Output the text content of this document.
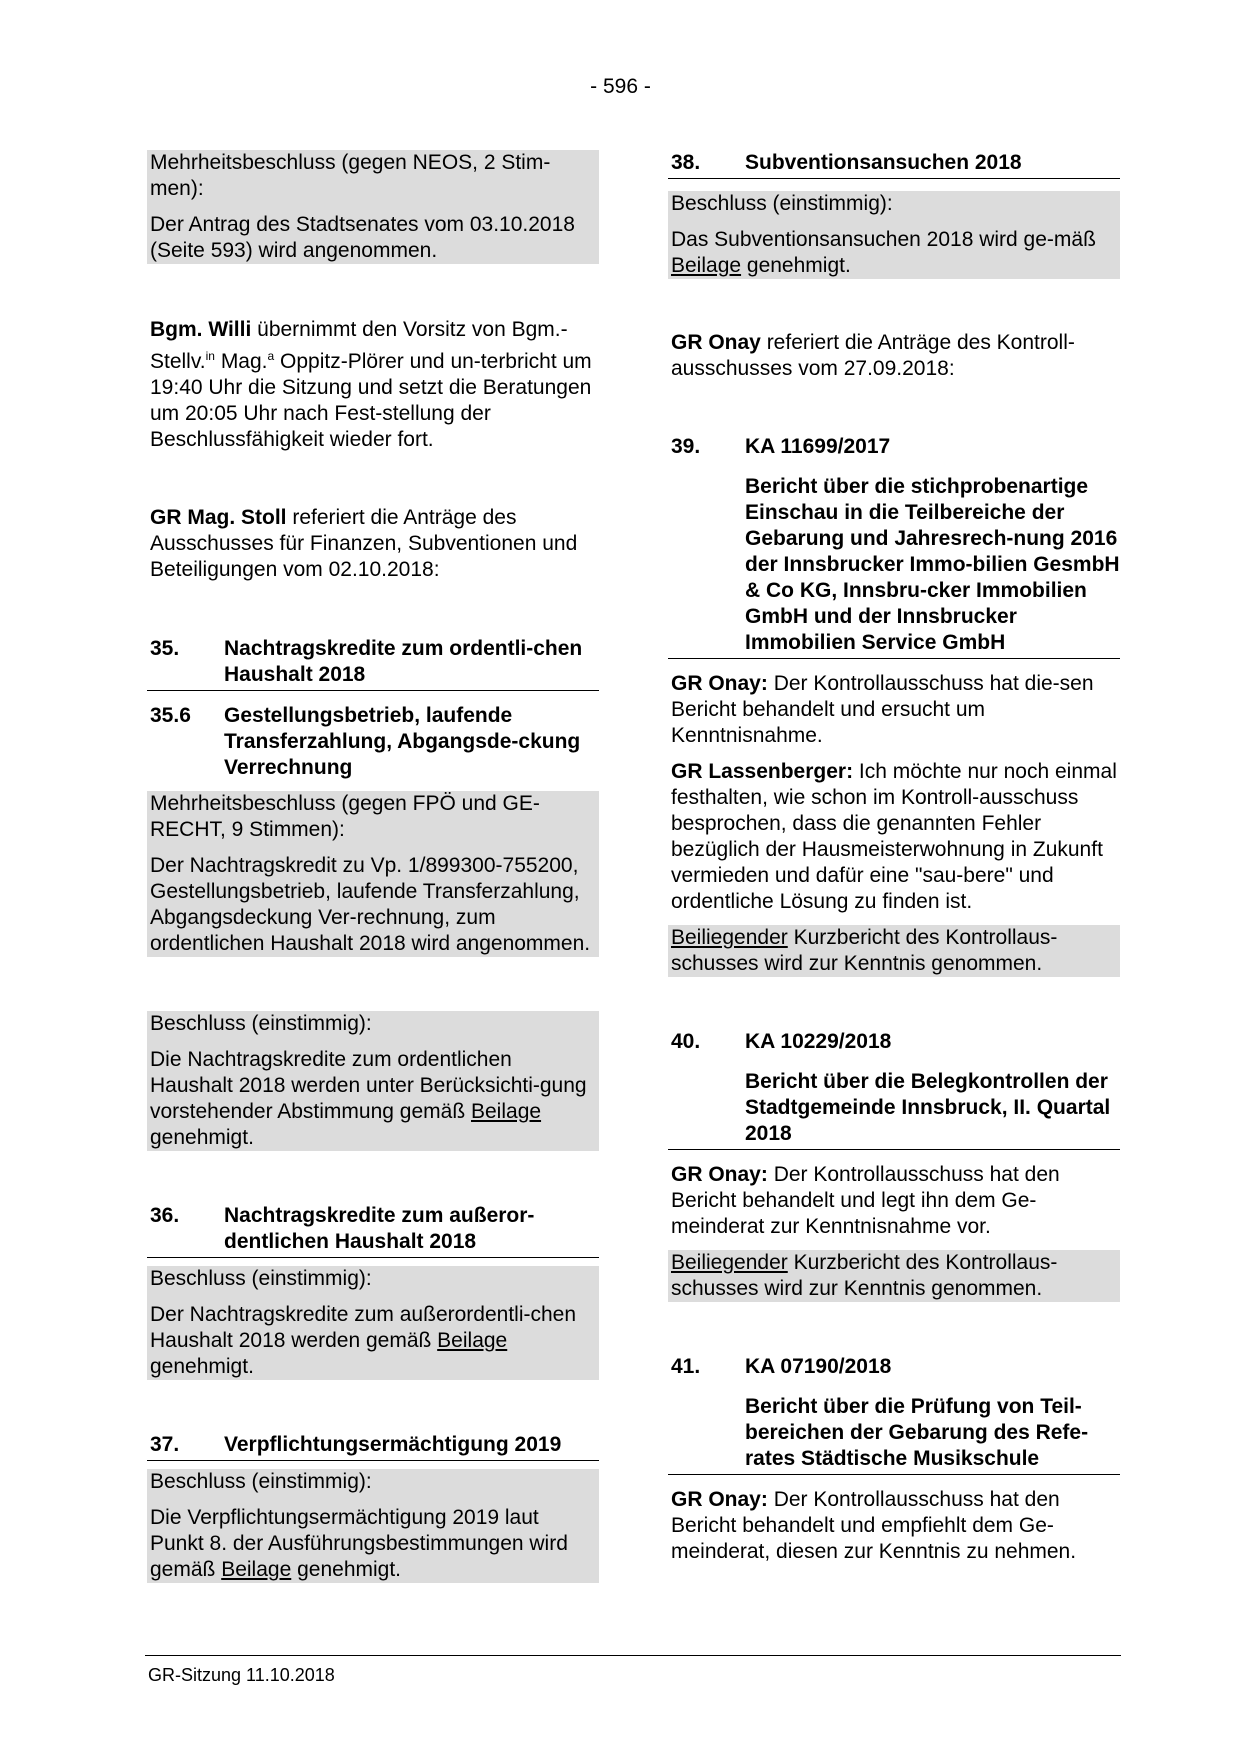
- 596 -

Mehrheitsbeschluss (gegen NEOS, 2 Stim-men):

Der Antrag des Stadtsenates vom 03.10.2018 (Seite 593) wird angenommen.

Bgm. Willi übernimmt den Vorsitz von Bgm.-Stellv.$^{in}$ Mag.$^a$ Oppitz-Plörer und un-terbricht um 19:40 Uhr die Sitzung und setzt die Beratungen um 20:05 Uhr nach Fest-stellung der Beschlussfähigkeit wieder fort.

GR Mag. Stoll referiert die Anträge des Ausschusses für Finanzen, Subventionen und Beteiligungen vom 02.10.2018:

35.	Nachtragskredite zum ordentli-chen Haushalt 2018
35.6	Gestellungsbetrieb, laufende Transferzahlung, Abgangsde-ckung Verrechnung

Mehrheitsbeschluss (gegen FPÖ und GE-RECHT, 9 Stimmen):

Der Nachtragskredit zu Vp. 1/899300-755200, Gestellungsbetrieb, laufende Transferzahlung, Abgangsdeckung Ver-rechnung, zum ordentlichen Haushalt 2018 wird angenommen.

Beschluss (einstimmig):

Die Nachtragskredite zum ordentlichen Haushalt 2018 werden unter Berücksichti-gung vorstehender Abstimmung gemäß Beilage genehmigt.

36.	Nachtragskredite zum außeror-dentlichen Haushalt 2018

Beschluss (einstimmig):

Der Nachtragskredite zum außerordentli-chen Haushalt 2018 werden gemäß Beilage genehmigt.

37.	Verpflichtungsermächtigung 2019

Beschluss (einstimmig):

Die Verpflichtungsermächtigung 2019 laut Punkt 8. der Ausführungsbestimmungen wird gemäß Beilage genehmigt.

38.	Subventionsansuchen 2018

Beschluss (einstimmig):

Das Subventionsansuchen 2018 wird ge-mäß Beilage genehmigt.

GR Onay referiert die Anträge des Kontroll-ausschusses vom 27.09.2018:

39.	KA 11699/2017
Bericht über die stichprobenartige Einschau in die Teilbereiche der Gebarung und Jahresrech-nung 2016 der Innsbrucker Immo-bilien GesmbH & Co KG, Innsbru-cker Immobilien GmbH und der Innsbrucker Immobilien Service GmbH

GR Onay: Der Kontrollausschuss hat die-sen Bericht behandelt und ersucht um Kenntnisnahme.

GR Lassenberger: Ich möchte nur noch einmal festhalten, wie schon im Kontroll-ausschuss besprochen, dass die genannten Fehler bezüglich der Hausmeisterwohnung in Zukunft vermieden und dafür eine "sau-bere" und ordentliche Lösung zu finden ist.

Beiliegender Kurzbericht des Kontrollaus-schusses wird zur Kenntnis genommen.

40.	KA 10229/2018
Bericht über die Belegkontrollen der Stadtgemeinde Innsbruck, II. Quartal 2018

GR Onay: Der Kontrollausschuss hat den Bericht behandelt und legt ihn dem Ge-meinderat zur Kenntnisnahme vor.

Beiliegender Kurzbericht des Kontrollaus-schusses wird zur Kenntnis genommen.

41.	KA 07190/2018
Bericht über die Prüfung von Teil-bereichen der Gebarung des Refe-rates Städtische Musikschule

GR Onay: Der Kontrollausschuss hat den Bericht behandelt und empfiehlt dem Ge-meinderat, diesen zur Kenntnis zu nehmen.

GR-Sitzung 11.10.2018
